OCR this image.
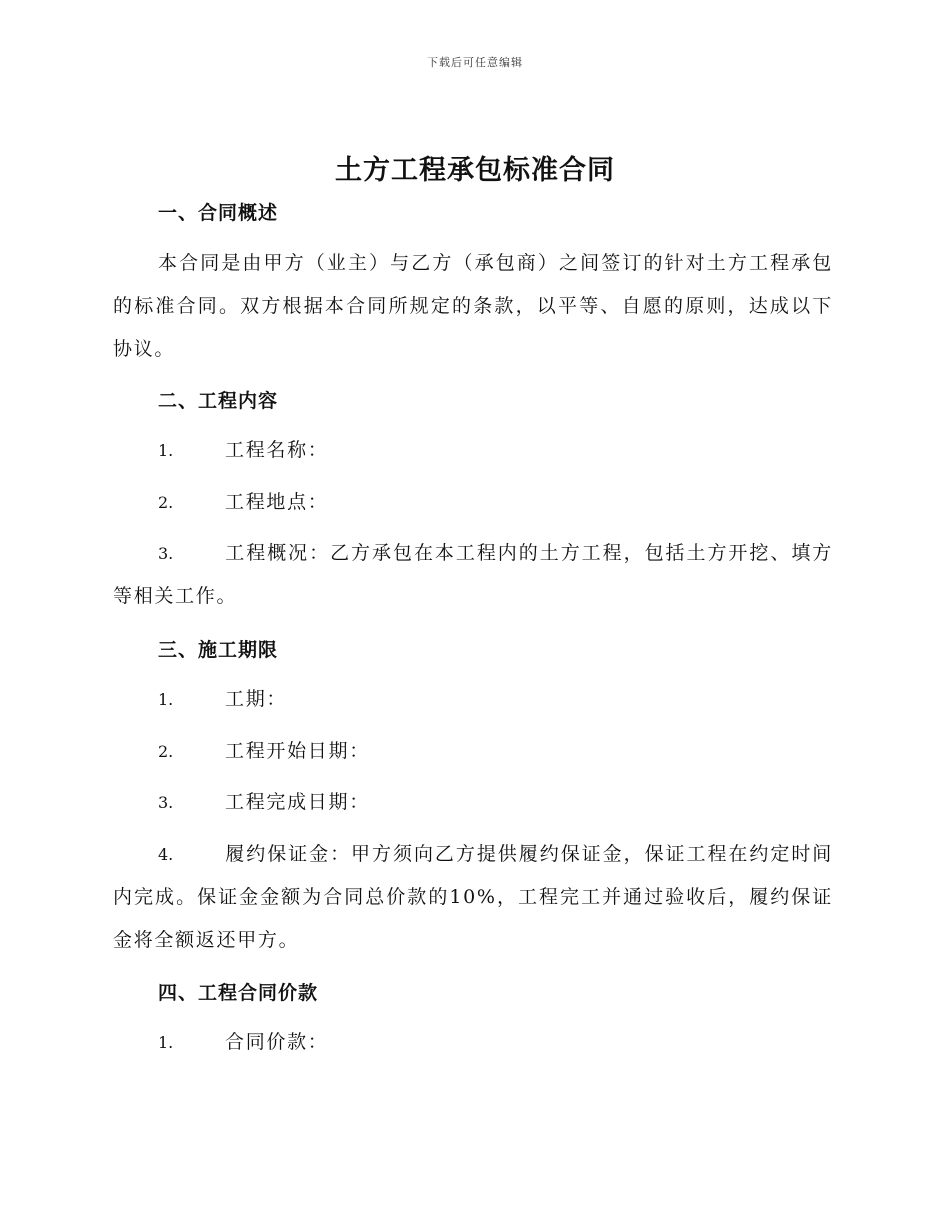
下载后可任意编辑
土方工程承包标准合同
一、合同概述

本合同是由甲方（业主）与乙方（承包商）之间签订的针对土方工程承包的标准合同。双方根据本合同所规定的条款，以平等、自愿的原则，达成以下协议。

二、工程内容

1.	工程名称：

2.	工程地点：

3.	工程概况：乙方承包在本工程内的土方工程，包括土方开挖、填方等相关工作。

三、施工期限

1.	工期：

2.	工程开始日期：

3.	工程完成日期：

4.	履约保证金：甲方须向乙方提供履约保证金，保证工程在约定时间内完成。保证金金额为合同总价款的10%，工程完工并通过验收后，履约保证金将全额返还甲方。

四、工程合同价款

1.	合同价款：
